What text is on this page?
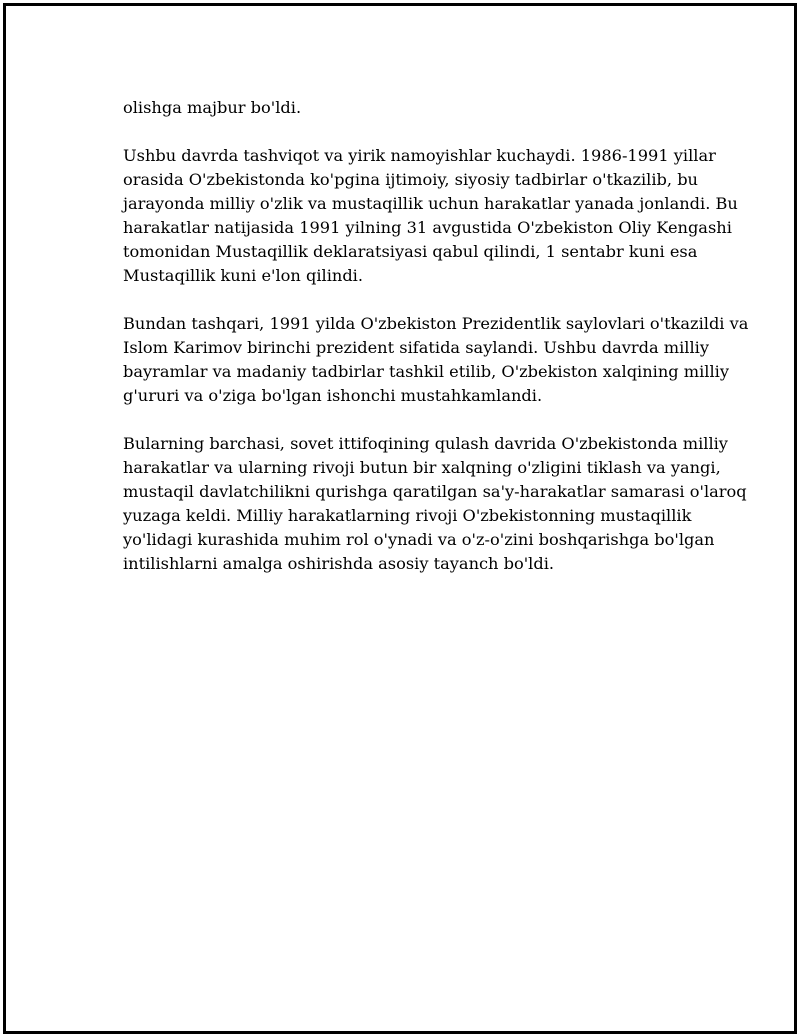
olishga majbur bo'ldi.

Ushbu davrda tashviqot va yirik namoyishlar kuchaydi. 1986-1991 yillar
orasida O'zbekistonda ko'pgina ijtimoiy, siyosiy tadbirlar o'tkazilib, bu
jarayonda milliy o'zlik va mustaqillik uchun harakatlar yanada jonlandi. Bu
harakatlar natijasida 1991 yilning 31 avgustida O'zbekiston Oliy Kengashi
tomonidan Mustaqillik deklaratsiyasi qabul qilindi, 1 sentabr kuni esa
Mustaqillik kuni e'lon qilindi.

Bundan tashqari, 1991 yilda O'zbekiston Prezidentlik saylovlari o'tkazildi va
Islom Karimov birinchi prezident sifatida saylandi. Ushbu davrda milliy
bayramlar va madaniy tadbirlar tashkil etilib, O'zbekiston xalqining milliy
g'ururi va o'ziga bo'lgan ishonchi mustahkamlandi.

Bularning barchasi, sovet ittifoqining qulash davrida O'zbekistonda milliy
harakatlar va ularning rivoji butun bir xalqning o'zligini tiklash va yangi,
mustaqil davlatchilikni qurishga qaratilgan sa'y-harakatlar samarasi o'laroq
yuzaga keldi. Milliy harakatlarning rivoji O'zbekistonning mustaqillik
yo'lidagi kurashida muhim rol o'ynadi va o'z-o'zini boshqarishga bo'lgan
intilishlarni amalga oshirishda asosiy tayanch bo'ldi.
